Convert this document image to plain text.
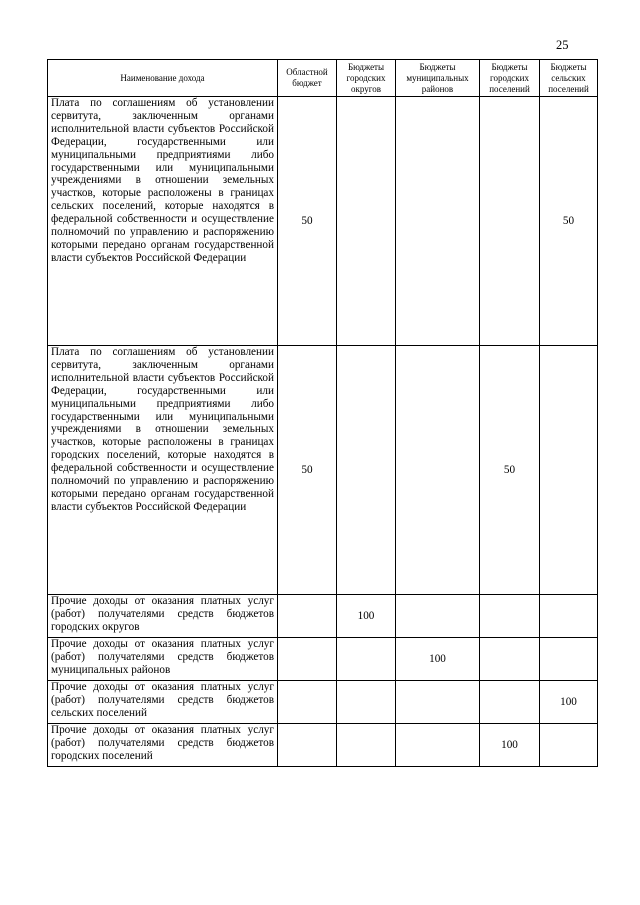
25
Наименование дохода	Областной бюджет	Бюджеты городских округов	Бюджеты муниципальных районов	Бюджеты городских поселений	Бюджеты сельских поселений
Плата по соглашениям об установлении сервитута, заключенным органами исполнительной власти субъектов Российской Федерации, государственными или муниципальными предприятиями либо государственными или муниципальными учреждениями в отношении земельных участков, которые расположены в границах сельских поселений, которые находятся в федеральной собственности и осуществление полномочий по управлению и распоряжению которыми передано органам государственной власти субъектов Российской Федерации	50				50
Плата по соглашениям об установлении сервитута, заключенным органами исполнительной власти субъектов Российской Федерации, государственными или муниципальными предприятиями либо государственными или муниципальными учреждениями в отношении земельных участков, которые расположены в границах городских поселений, которые находятся в федеральной собственности и осуществление полномочий по управлению и распоряжению которыми передано органам государственной власти субъектов Российской Федерации	50			50	
Прочие доходы от оказания платных услуг (работ) получателями средств бюджетов городских округов		100			
Прочие доходы от оказания платных услуг (работ) получателями средств бюджетов муниципальных районов			100		
Прочие доходы от оказания платных услуг (работ) получателями средств бюджетов сельских поселений					100
Прочие доходы от оказания платных услуг (работ) получателями средств бюджетов городских поселений				100	
